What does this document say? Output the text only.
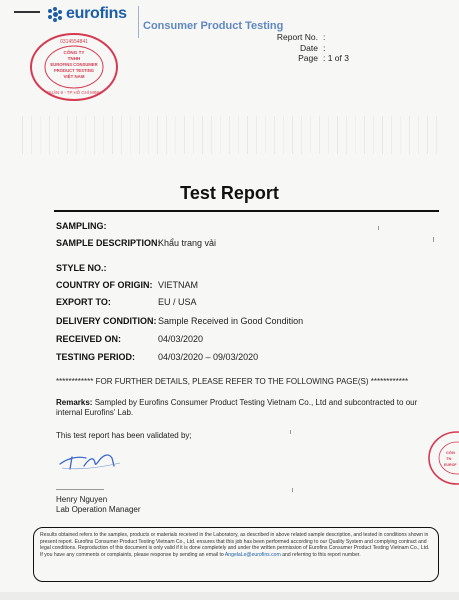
eurofins
Consumer Product Testing
Report No. :
Date :
Page : 1 of 3
0314554841
CÔNG TY
TNHH
EUROFINS CONSUMER
PRODUCT TESTING
VIỆT NAM
QUẬN 9 - TP HỒ CHÍ MINH
CÔN
TN
EUROF
Test Report
SAMPLING:
SAMPLE DESCRIPTION:
Khẩu trang vải
STYLE NO.:
COUNTRY OF ORIGIN: VIETNAM
EXPORT TO:	EU / USA
DELIVERY CONDITION: Sample Received in Good Condition
RECEIVED ON:	04/03/2020
TESTING PERIOD:	04/03/2020 – 09/03/2020
************ FOR FURTHER DETAILS, PLEASE REFER TO THE FOLLOWING PAGE(S) ************
Remarks: Sampled by Eurofins Consumer Product Testing Vietnam Co., Ltd and subcontracted to our internal Eurofins' Lab.
This test report has been validated by;
Henry Nguyen
Lab Operation Manager
Results obtained refers to the samples, products or materials received in the Laboratory, as described in above related sample description, and tested in conditions shown in present report. Eurofins Consumer Product Testing Vietnam Co., Ltd. ensures that this job has been performed according to our Quality System and complying contract and legal conditions. Reproduction of this document is only valid if it is done completely and under the written permission of Eurofins Consumer Product Testing Vietnam Co., Ltd. If you have any comments or complaints, please response by sending an email to AngelaLe@eurofins.com and referring to this report number.
